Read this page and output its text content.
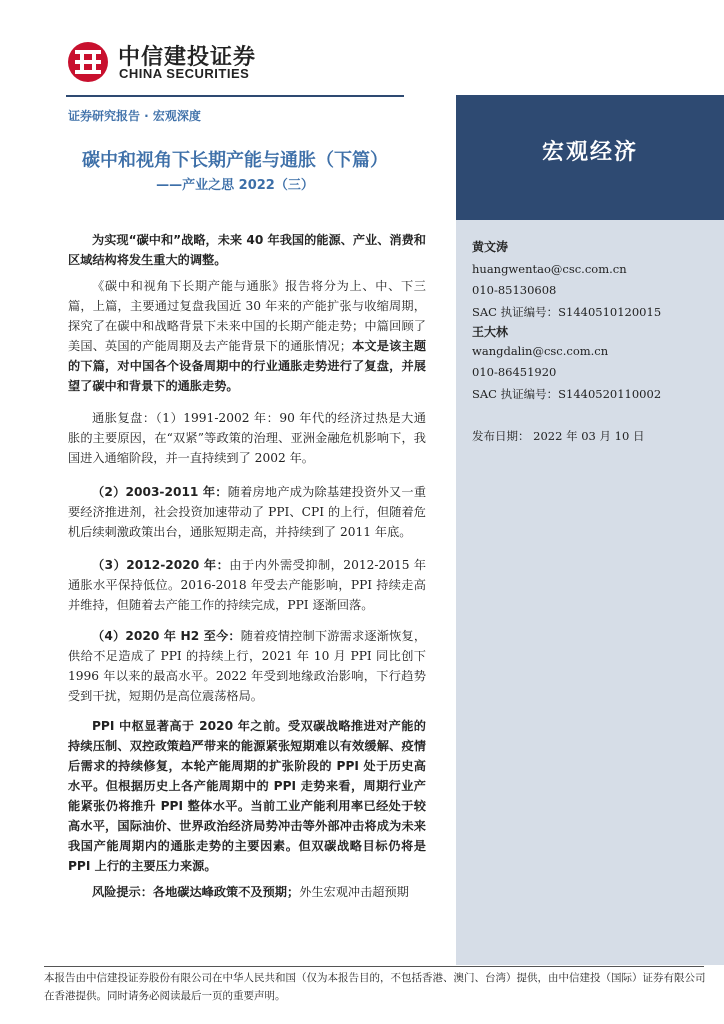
中信建投证券
CHINA SECURITIES
宏观经济
证券研究报告 · 宏观深度
碳中和视角下长期产能与通胀（下篇）
——产业之思 2022（三）
黄文涛
huangwentao@csc.com.cn
010-85130608
SAC 执证编号：S1440510120015
王大林
wangdalin@csc.com.cn
010-86451920
SAC 执证编号：S1440520110002
发布日期： 2022 年 03 月 10 日

为实现“碳中和”战略，未来 40 年我国的能源、产业、消费和区域结构将发生重大的调整。

《碳中和视角下长期产能与通胀》报告将分为上、中、下三篇，上篇，主要通过复盘我国近 30 年来的产能扩张与收缩周期，探究了在碳中和战略背景下未来中国的长期产能走势；中篇回顾了美国、英国的产能周期及去产能背景下的通胀情况；本文是该主题的下篇，对中国各个设备周期中的行业通胀走势进行了复盘，并展望了碳中和背景下的通胀走势。

通胀复盘：（1）1991-2002 年：90 年代的经济过热是大通胀的主要原因，在“双紧”等政策的治理、亚洲金融危机影响下，我国进入通缩阶段，并一直持续到了 2002 年。

（2）2003-2011 年：随着房地产成为除基建投资外又一重要经济推进剂，社会投资加速带动了 PPI、CPI 的上行，但随着危机后续刺激政策出台，通胀短期走高，并持续到了 2011 年底。

（3）2012-2020 年：由于内外需受抑制，2012-2015 年通胀水平保持低位。2016-2018 年受去产能影响，PPI 持续走高并维持，但随着去产能工作的持续完成，PPI 逐渐回落。

（4）2020 年 H2 至今：随着疫情控制下游需求逐渐恢复，供给不足造成了 PPI 的持续上行，2021 年 10 月 PPI 同比创下 1996 年以来的最高水平。2022 年受到地缘政治影响，下行趋势受到干扰，短期仍是高位震荡格局。

PPI 中枢显著高于 2020 年之前。受双碳战略推进对产能的持续压制、双控政策趋严带来的能源紧张短期难以有效缓解、疫情后需求的持续修复，本轮产能周期的扩张阶段的 PPI 处于历史高水平。但根据历史上各产能周期中的 PPI 走势来看，周期行业产能紧张仍将推升 PPI 整体水平。当前工业产能利用率已经处于较高水平，国际油价、世界政治经济局势冲击等外部冲击将成为未来我国产能周期内的通胀走势的主要因素。但双碳战略目标仍将是 PPI 上行的主要压力来源。

风险提示：各地碳达峰政策不及预期；外生宏观冲击超预期

本报告由中信建投证券股份有限公司在中华人民共和国（仅为本报告目的，不包括香港、澳门、台湾）提供，由中信建投（国际）证券有限公司在香港提供。同时请务必阅读最后一页的重要声明。
